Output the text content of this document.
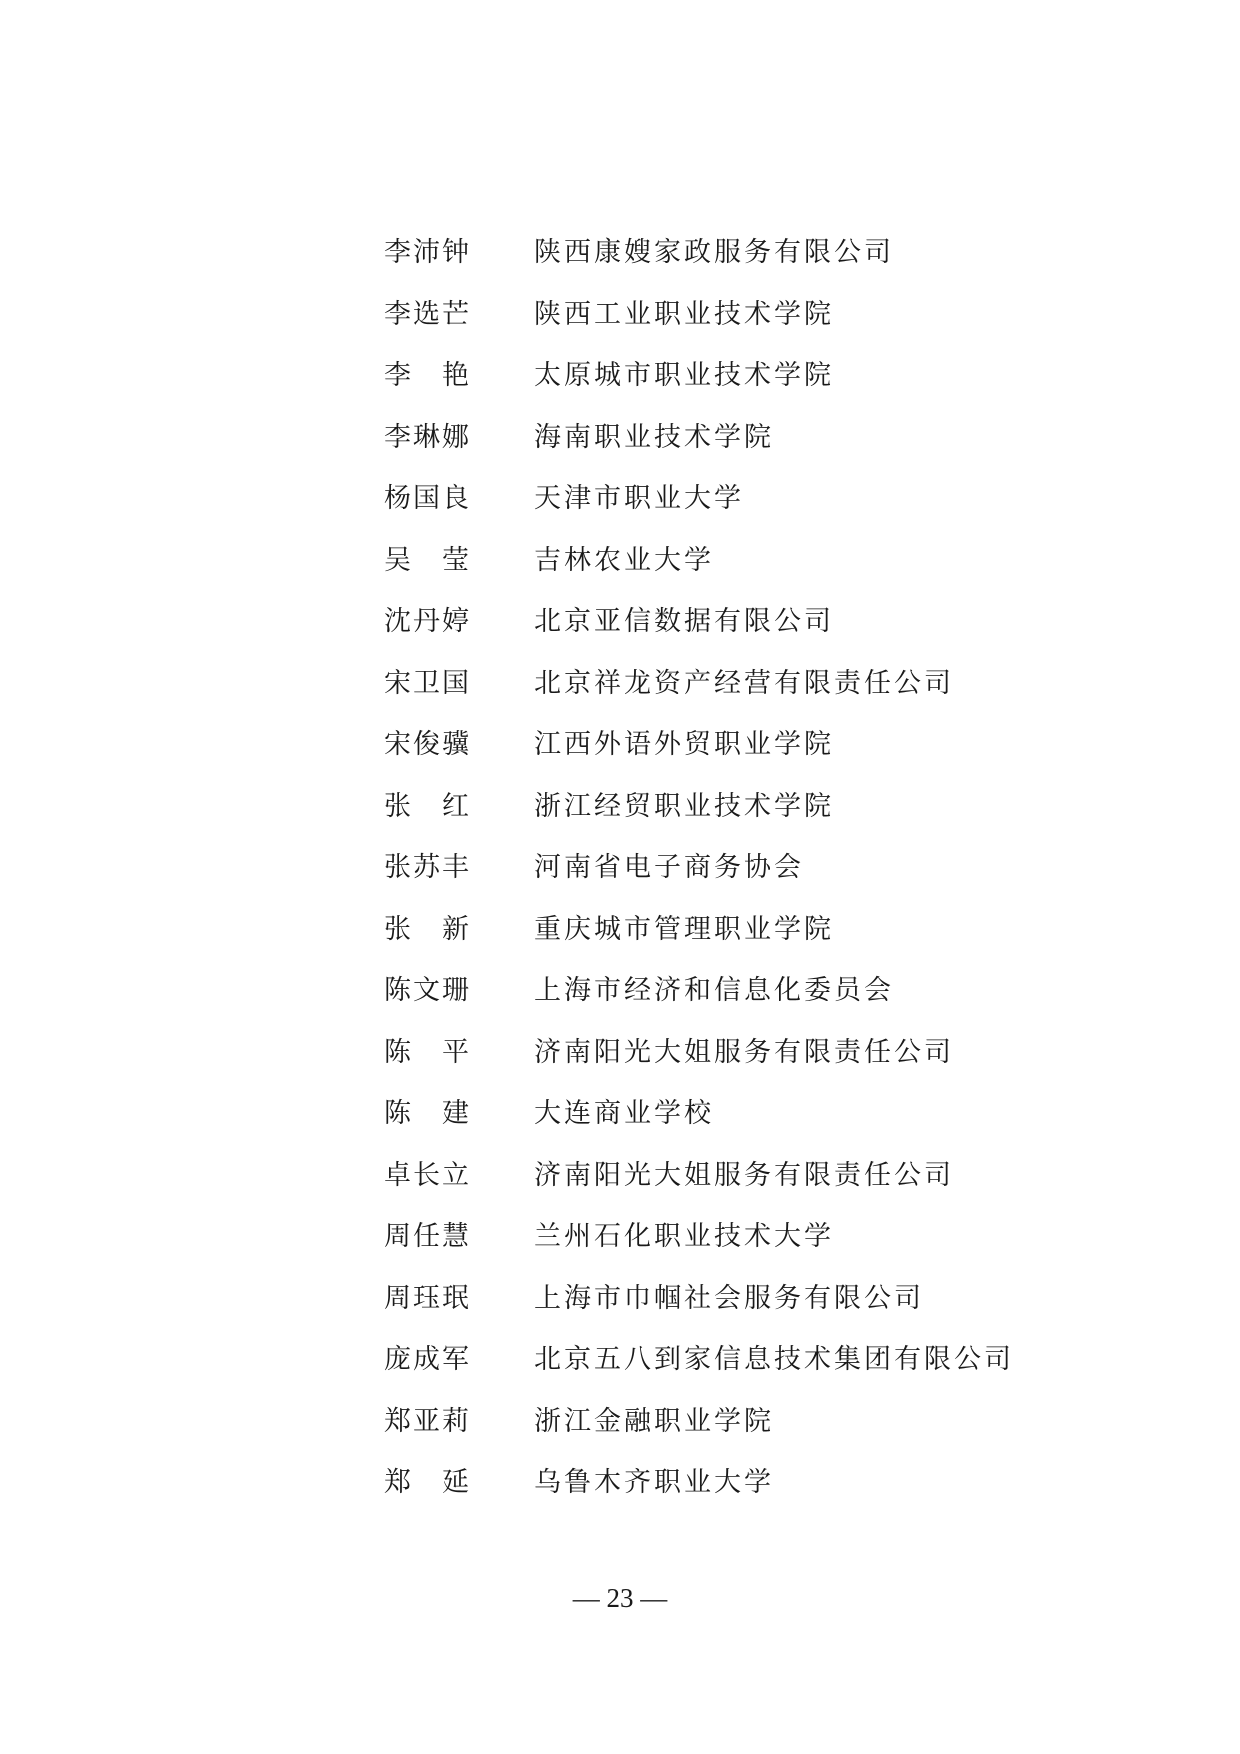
李沛钟	陕西康嫂家政服务有限公司
李选芒	陕西工业职业技术学院
李　艳	太原城市职业技术学院
李琳娜	海南职业技术学院
杨国良	天津市职业大学
吴　莹	吉林农业大学
沈丹婷	北京亚信数据有限公司
宋卫国	北京祥龙资产经营有限责任公司
宋俊骥	江西外语外贸职业学院
张　红	浙江经贸职业技术学院
张苏丰	河南省电子商务协会
张　新	重庆城市管理职业学院
陈文珊	上海市经济和信息化委员会
陈　平	济南阳光大姐服务有限责任公司
陈　建	大连商业学校
卓长立	济南阳光大姐服务有限责任公司
周任慧	兰州石化职业技术大学
周珏珉	上海市巾帼社会服务有限公司
庞成军	北京五八到家信息技术集团有限公司
郑亚莉	浙江金融职业学院
郑　延	乌鲁木齐职业大学
— 23 —
